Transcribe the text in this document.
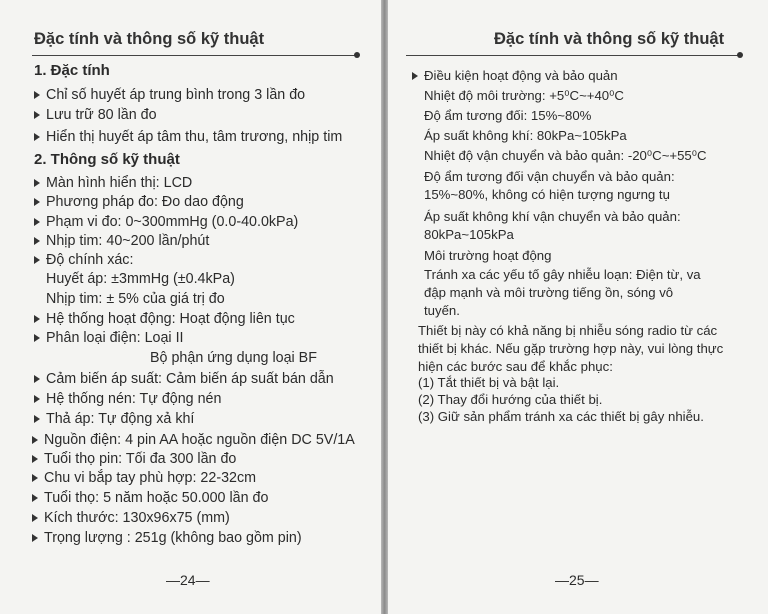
Đặc tính và thông số kỹ thuật
1. Đặc tính
Chỉ số huyết áp trung bình trong 3 lần đo
Lưu trữ 80 lần đo
Hiển thị huyết áp tâm thu, tâm trương, nhịp tim
2. Thông số kỹ thuật
Màn hình hiển thị: LCD
Phương pháp đo: Đo dao động
Phạm vi đo: 0~300mmHg (0.0-40.0kPa)
Nhịp tim: 40~200 lần/phút
Độ chính xác:
Huyết áp: ±3mmHg (±0.4kPa)
Nhịp tim: ± 5% của giá trị đo
Hệ thống hoạt động: Hoạt động liên tục
Phân loại điện: Loại II
Bộ phận ứng dụng loại BF
Cảm biến áp suất: Cảm biến áp suất bán dẫn
Hệ thống nén: Tự động nén
Thả áp: Tự động xả khí
Nguồn điện: 4 pin AA hoặc nguồn điện DC 5V/1A
Tuổi thọ pin: Tối đa 300 lần đo
Chu vi bắp tay phù hợp: 22-32cm
Tuổi thọ: 5 năm hoặc 50.000 lần đo
Kích thước: 130x96x75 (mm)
Trọng lượng : 251g (không bao gồm pin)
—24—
Đặc tính và thông số kỹ thuật
Điều kiện hoạt động và bảo quản
Nhiệt độ môi trường: +5⁰C~+40⁰C
Độ ẩm tương đối: 15%~80%
Áp suất không khí: 80kPa~105kPa
Nhiệt độ vận chuyển và bảo quản: -20⁰C~+55⁰C
Độ ẩm tương đối vận chuyển và bảo quản:
15%~80%, không có hiện tượng ngưng tụ
Áp suất không khí vận chuyển và bảo quản:
80kPa~105kPa
Môi trường hoạt động
Tránh xa các yếu tố gây nhiễu loạn: Điện từ, va
đập mạnh và môi trường tiếng ồn, sóng vô
tuyến.
Thiết bị này có khả năng bị nhiễu sóng radio từ các
thiết bị khác. Nếu gặp trường hợp này, vui lòng thực
hiện các bước sau để khắc phục:
(1) Tắt thiết bị và bật lại.
(2) Thay đổi hướng của thiết bị.
(3) Giữ sản phẩm tránh xa các thiết bị gây nhiễu.
—25—
